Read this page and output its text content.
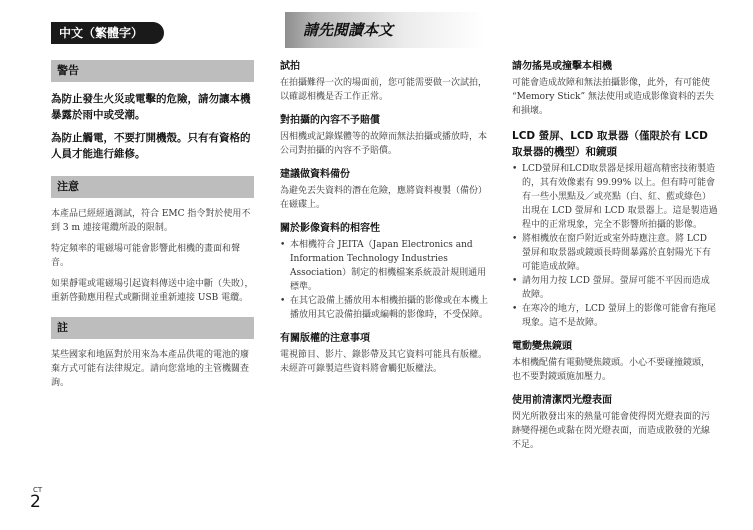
中文（繁體字）	請先閱讀本文
警告

為防止發生火災或電擊的危險，請勿讓本機暴露於雨中或受潮。

為防止觸電，不要打開機殼。只有有資格的人員才能進行維修。

注意

本產品已經經過測試，符合 EMC 指令對於使用不到 3 m 連接電纜所設的限制。

特定頻率的電磁場可能會影響此相機的畫面和聲音。

如果靜電或電磁場引起資料傳送中途中斷（失敗），重新啓動應用程式或斷開並重新連接 USB 電纜。

註

某些國家和地區對於用來為本產品供電的電池的廢棄方式可能有法律規定。請向您當地的主管機關查詢。

試拍

在拍攝難得一次的場面前，您可能需要做一次試拍，以確認相機是否工作正常。

對拍攝的內容不予賠償

因相機或記錄媒體等的故障而無法拍攝或播放時，本公司對拍攝的內容不予賠償。

建議做資料備份

為避免丟失資料的潛在危險，應將資料複製（備份）在磁碟上。

關於影像資料的相容性
• 本相機符合 JEITA（Japan Electronics and Information Technology Industries Association）制定的相機檔案系統設計規則通用標準。
• 在其它設備上播放用本相機拍攝的影像或在本機上播放用其它設備拍攝或編輯的影像時，不受保障。
有關版權的注意事項

電視節目、影片、錄影帶及其它資料可能具有版權。未經許可錄製這些資料將會觸犯版權法。

請勿搖晃或撞擊本相機

可能會造成故障和無法拍攝影像，此外，有可能使 “Memory Stick” 無法使用或造成影像資料的丟失和損壞。

LCD 螢屏、LCD 取景器（僅限於有 LCD 取景器的機型）和鏡頭
• LCD螢屏和LCD取景器是採用超高精密技術製造的，其有效像素有 99.99% 以上。但有時可能會有一些小黑點及／或亮點（白、紅、藍或綠色）出現在 LCD 螢屏和 LCD 取景器上。這是製造過程中的正常現象，完全不影響所拍攝的影像。
• 將相機放在窗戶附近或室外時應注意。將 LCD 螢屏和取景器或鏡頭長時間暴露於直射陽光下有可能造成故障。
• 請勿用力按 LCD 螢屏。螢屏可能不平因而造成故障。
• 在寒冷的地方，LCD 螢屏上的影像可能會有拖尾現象。這不是故障。
電動變焦鏡頭

本相機配備有電動變焦鏡頭。小心不要碰撞鏡頭，也不要對鏡頭施加壓力。

使用前清潔閃光燈表面

閃光所散發出來的熱量可能會使得閃光燈表面的污跡變得褪色或黏在閃光燈表面，而造成散發的光線不足。

CT
2
